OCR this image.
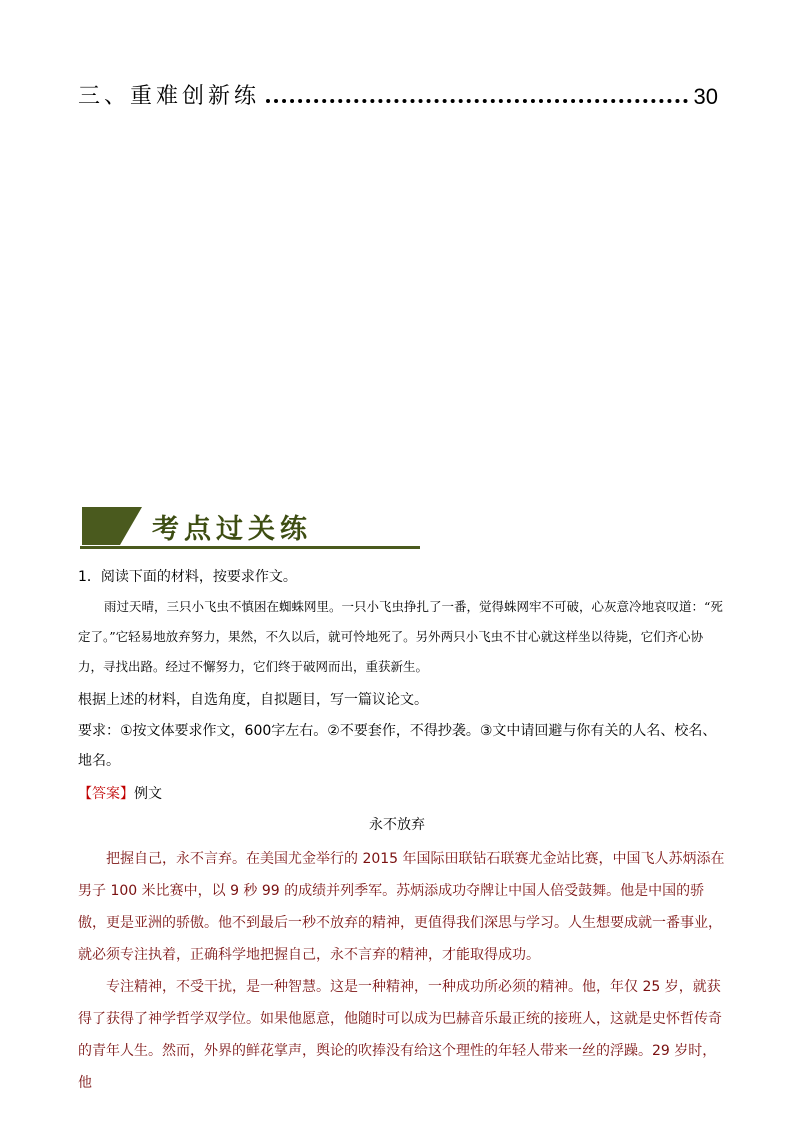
三、重难创新练	30
考点过关练
1．阅读下面的材料，按要求作文。
雨过天晴，三只小飞虫不慎困在蜘蛛网里。一只小飞虫挣扎了一番，觉得蛛网牢不可破，心灰意冷地哀叹道：“死定了。”它轻易地放弃努力，果然，不久以后，就可怜地死了。另外两只小飞虫不甘心就这样坐以待毙，它们齐心协力，寻找出路。经过不懈努力，它们终于破网而出，重获新生。
根据上述的材料，自选角度，自拟题目，写一篇议论文。
要求：①按文体要求作文，600字左右。②不要套作，不得抄袭。③文中请回避与你有关的人名、校名、地名。
【答案】例文
永不放弃

把握自己，永不言弃。在美国尤金举行的 2015 年国际田联钻石联赛尤金站比赛，中国飞人苏炳添在男子 100 米比赛中，以 9 秒 99 的成绩并列季军。苏炳添成功夺牌让中国人倍受鼓舞。他是中国的骄傲，更是亚洲的骄傲。他不到最后一秒不放弃的精神，更值得我们深思与学习。人生想要成就一番事业，就必须专注执着，正确科学地把握自己，永不言弃的精神，才能取得成功。

专注精神，不受干扰，是一种智慧。这是一种精神，一种成功所必须的精神。他，年仅 25 岁，就获得了获得了神学哲学双学位。如果他愿意，他随时可以成为巴赫音乐最正统的接班人，这就是史怀哲传奇的青年人生。然而，外界的鲜花掌声，舆论的吹捧没有给这个理性的年轻人带来一丝的浮躁。29 岁时，他
